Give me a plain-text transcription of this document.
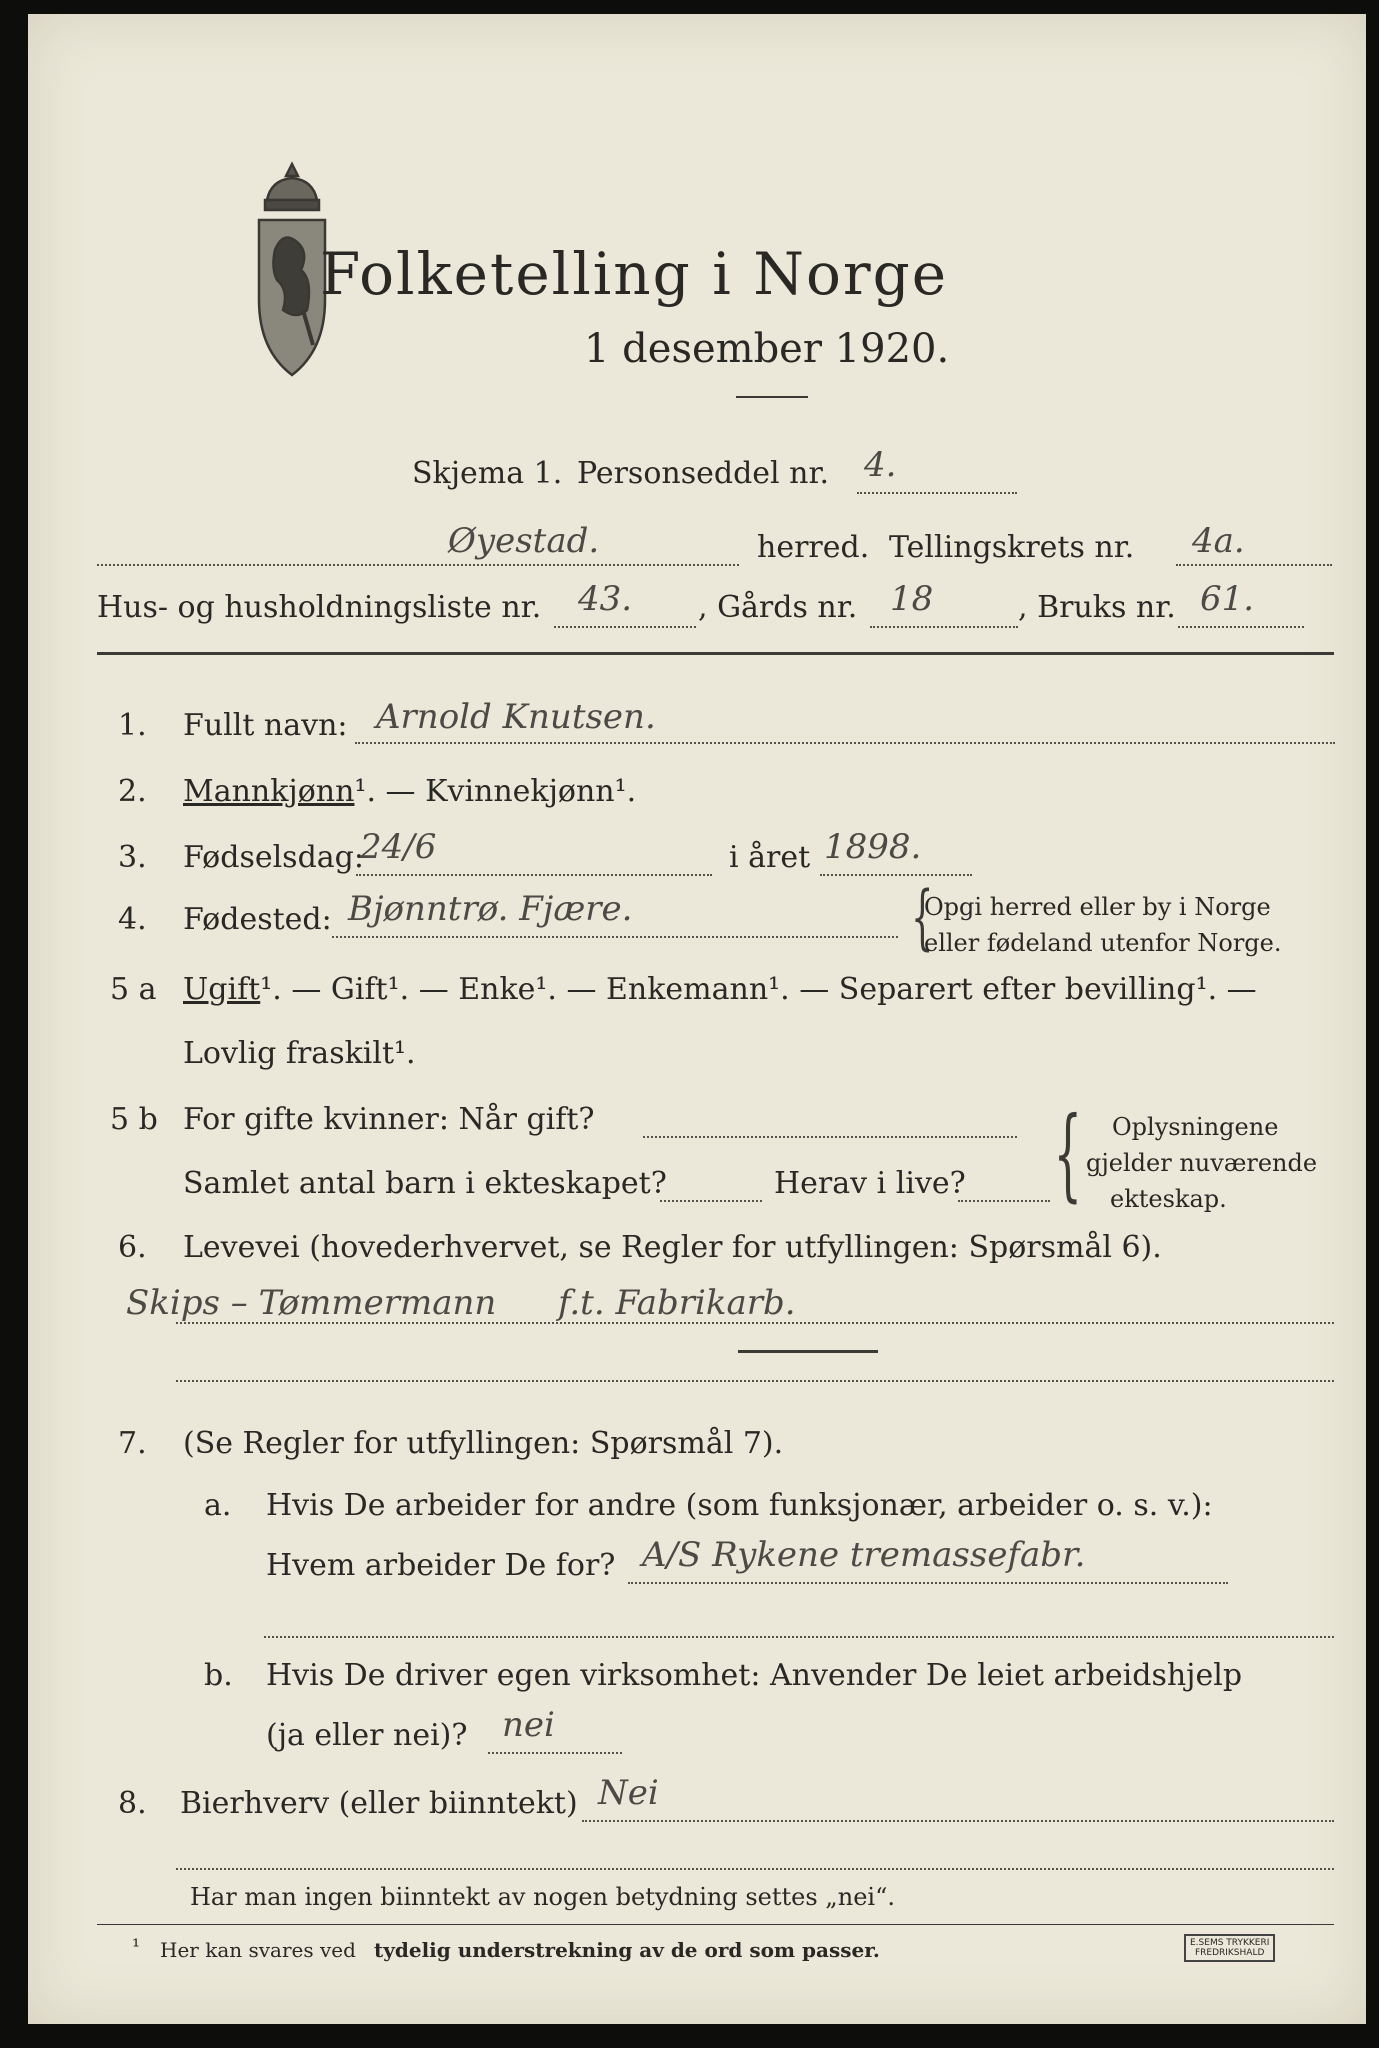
Folketelling i Norge
1 desember 1920.
Skjema 1. Personseddel nr. 4.
Øyestad.	herred. Tellingskrets nr. 4a.
Hus- og husholdningsliste nr. 43. , Gårds nr. 18	, Bruks nr. 61.
1. Fullt navn: Arnold Knutsen.
2. Mannkjønn¹. — Kvinnekjønn¹.
3. Fødselsdag:
24/6	i året 1898.
4. Fødested: Bjønntrø. Fjære.	{
Opgi herred eller by i Norge
eller fødeland utenfor Norge.
5 a Ugift¹. — Gift¹. — Enke¹. — Enkemann¹. — Separert efter bevilling¹. —
Lovlig fraskilt¹.
5 b For gifte kvinner: Når gift?
Samlet antal barn i ekteskapet?	Herav i live? { Oplysningene
gjelder nuværende
ekteskap.
6. Levevei (hovederhvervet, se Regler for utfyllingen: Spørsmål 6).
Skips – Tømmermann f.t. Fabrikarb.
7. (Se Regler for utfyllingen: Spørsmål 7).
a. Hvis De arbeider for andre (som funksjonær, arbeider o. s. v.):
Hvem arbeider De for? A/S Rykene tremassefabr.
b. Hvis De driver egen virksomhet: Anvender De leiet arbeidshjelp
(ja eller nei)? nei
8. Bierhverv (eller biinntekt) Nei
Har man ingen biinntekt av nogen betydning settes „nei“.
¹ Her kan svares ved tydelig understrekning av de ord som passer.	E.SEMS TRYKKERI
FREDRIKSHALD
